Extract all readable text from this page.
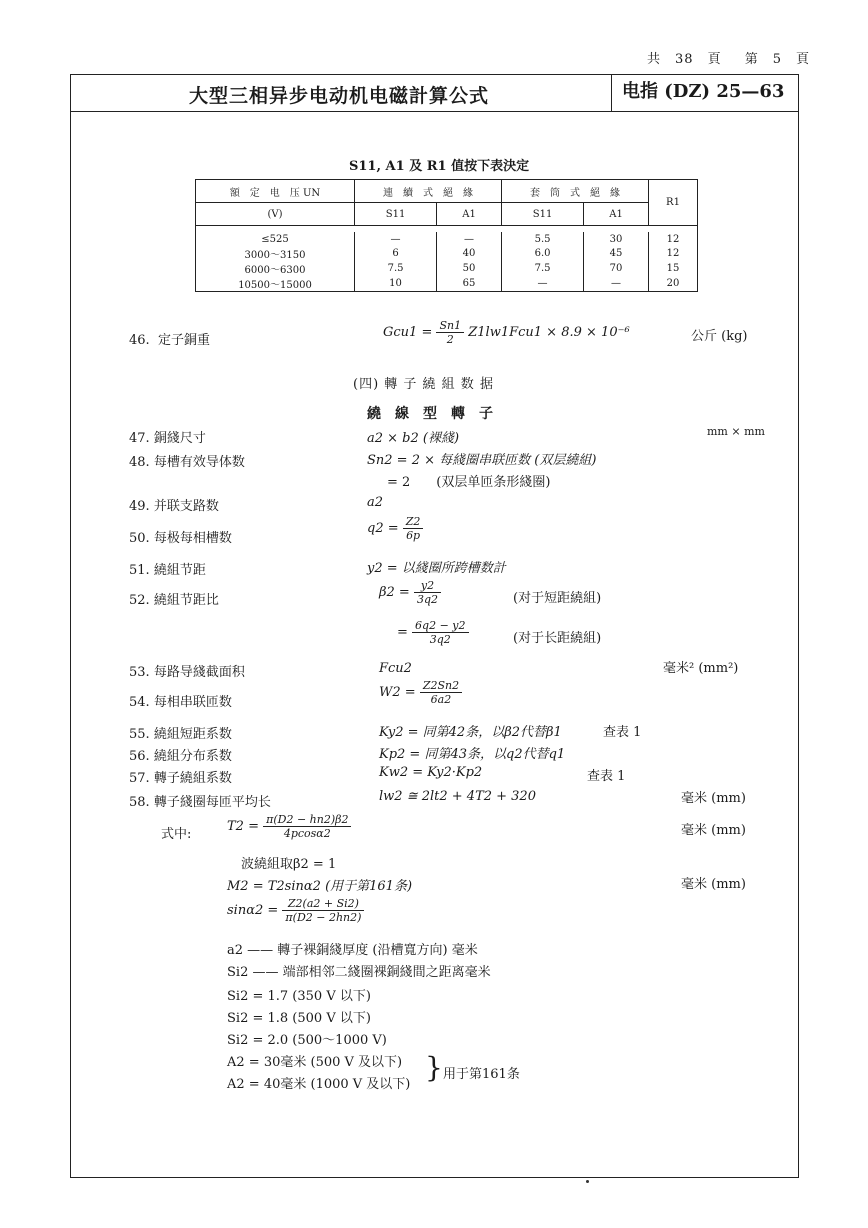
共　38　頁 第　5　頁
大型三相异步电动机电磁計算公式	电指 (DZ) 25—63
S11, A1 及 R1 值按下表決定
額　定　电　压 UN	連　續　式　絕　緣		套　筒　式　絕　緣		R1
(V)	S11	A1	S11	A1	

≤525	—	—	5.5	30	12
3000～3150	6	40	6.0	45	12
6000～6300	7.5	50	7.5	70	15
10500～15000	10	65	—	—	20
46. 定子銅重
$Gcu1 = \frac{Sn1}{2} Z1lw1Fcu1 \times 8.9 \times 10^{-6}$	公斤 (kg)
(四) 轉 子 繞 組 数 据
繞　線　型　轉　子
47. 銅綫尺寸	a2 × b2 (裸綫)	mm × mm
48. 每槽有效导体数	Sn2 = 2 × 每綫圈串联匝数 (双层繞組)
= 2　　(双层单匝条形綫圈)
49. 并联支路数	a2
50. 每极每相槽数
$q2 = \frac{Z2}{6p}$
51. 繞組节距	y2 = 以綫圈所跨槽数計
52. 繞組节距比
$\beta 2 = \frac{y2}{3q2}$	(对于短距繞組)
= $\frac{6q2 - y2}{3q2}$	(对于长距繞組)
53. 每路导綫截面积	Fcu2	毫米² (mm²)
54. 每相串联匝数
$W2 = \frac{Z2Sn2}{6a2}$
55. 繞組短距系数	Ky2 = 同第42条，以β2代替β1	查表 1
56. 繞組分布系数	Kp2 = 同第43条，以q2代替q1
57. 轉子繞組系数	Kw2 = Ky2·Kp2	查表 1
58. 轉子綫圈每匝平均长	lw2 ≅ 2lt2 + 4T2 + 320	毫米 (mm)
式中:
$T2 = \frac{\pi(D2 - hn2)\beta 2}{4pcos\alpha 2}$	毫米 (mm)
波繞組取β2 = 1
M2 = T2sinα2 (用于第161条)	毫米 (mm)
$\sin\alpha 2 = \frac{Z2(a2 + Si2)}{\pi(D2 - 2hn2)}$
a2 —— 轉子裸銅綫厚度 (沿槽寬方向) 毫米
Si2 —— 端部相邻二綫圈裸銅綫間之距离毫米
Si2 = 1.7 (350 V 以下)
Si2 = 1.8 (500 V 以下)
Si2 = 2.0 (500～1000 V)
A2 = 30毫米 (500 V 及以下)
A2 = 40毫米 (1000 V 及以下)
} 用于第161条
